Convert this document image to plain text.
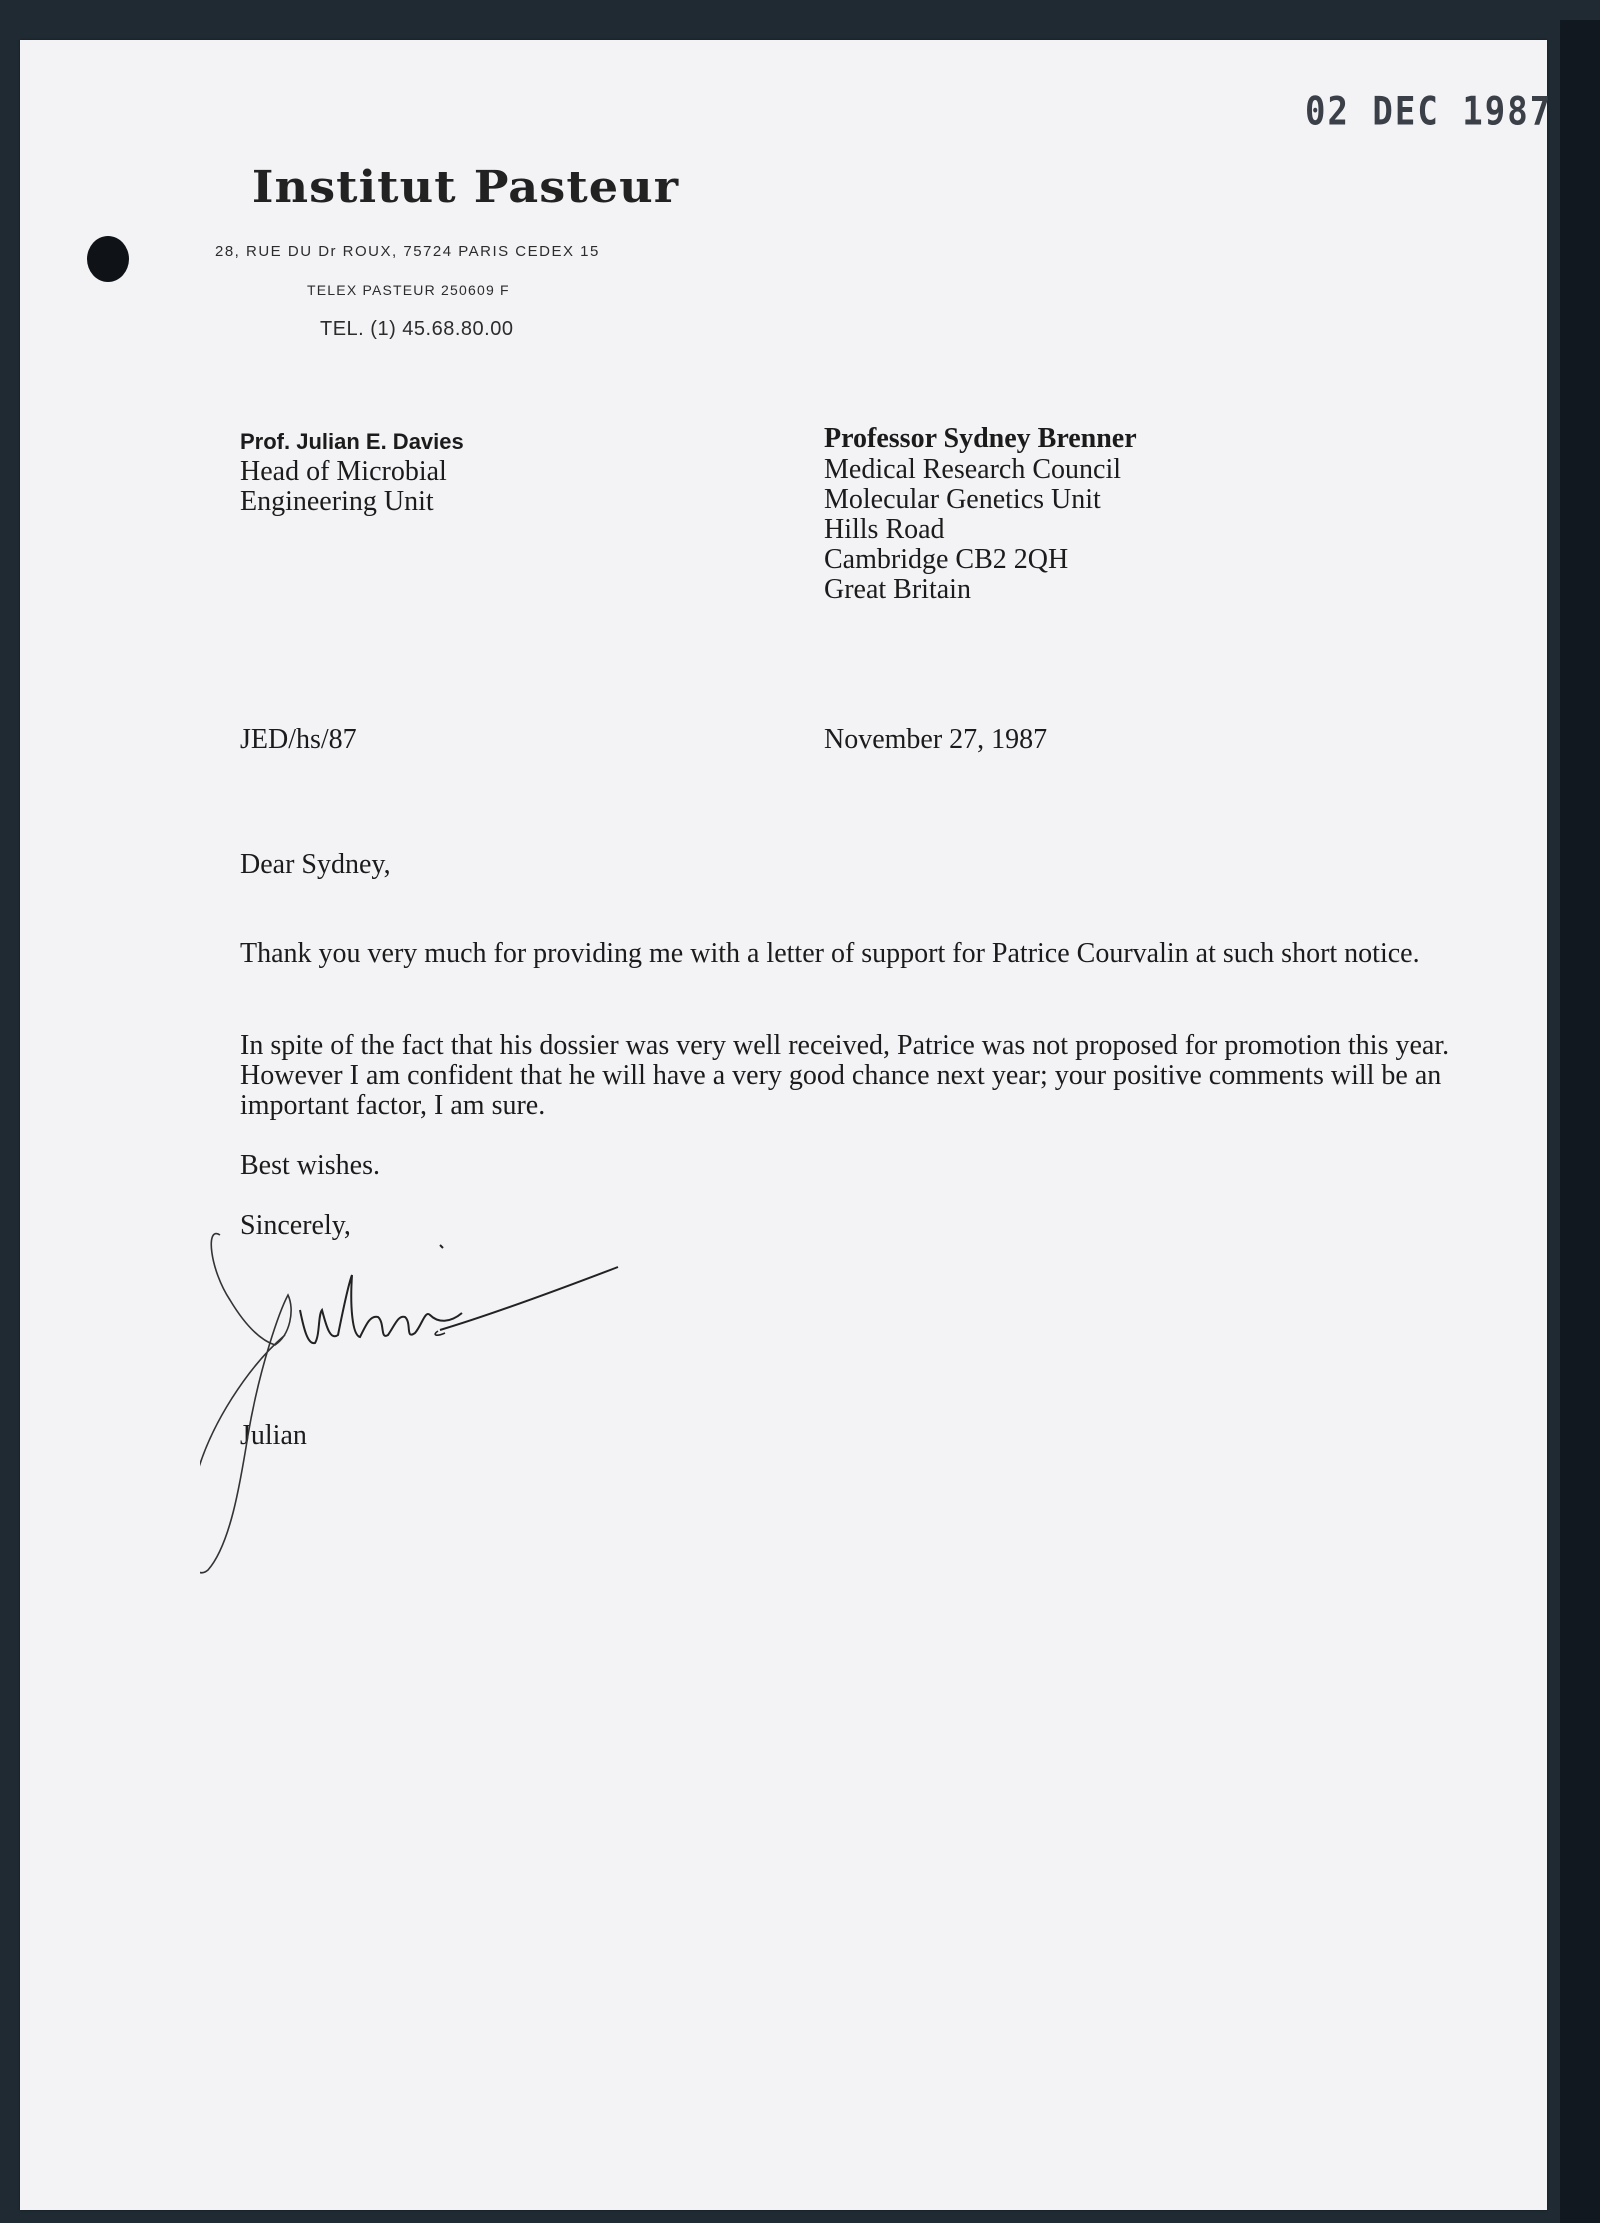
02 DEC 1987
Institut Pasteur
28, RUE DU Dr ROUX, 75724 PARIS CEDEX 15
TELEX PASTEUR 250609 F
TEL. (1) 45.68.80.00
Prof. Julian E. Davies
Head of Microbial
Engineering Unit
Professor Sydney Brenner
Medical Research Council
Molecular Genetics Unit
Hills Road
Cambridge CB2 2QH
Great Britain
JED/hs/87	November 27, 1987
Dear Sydney,
Thank you very much for providing me with a letter of support for Patrice Courvalin at such short notice.
In spite of the fact that his dossier was very well received, Patrice was not proposed for promotion this year. However I am confident that he will have a very good chance next year; your positive comments will be an important factor, I am sure.
Best wishes.
Sincerely,
Julian
